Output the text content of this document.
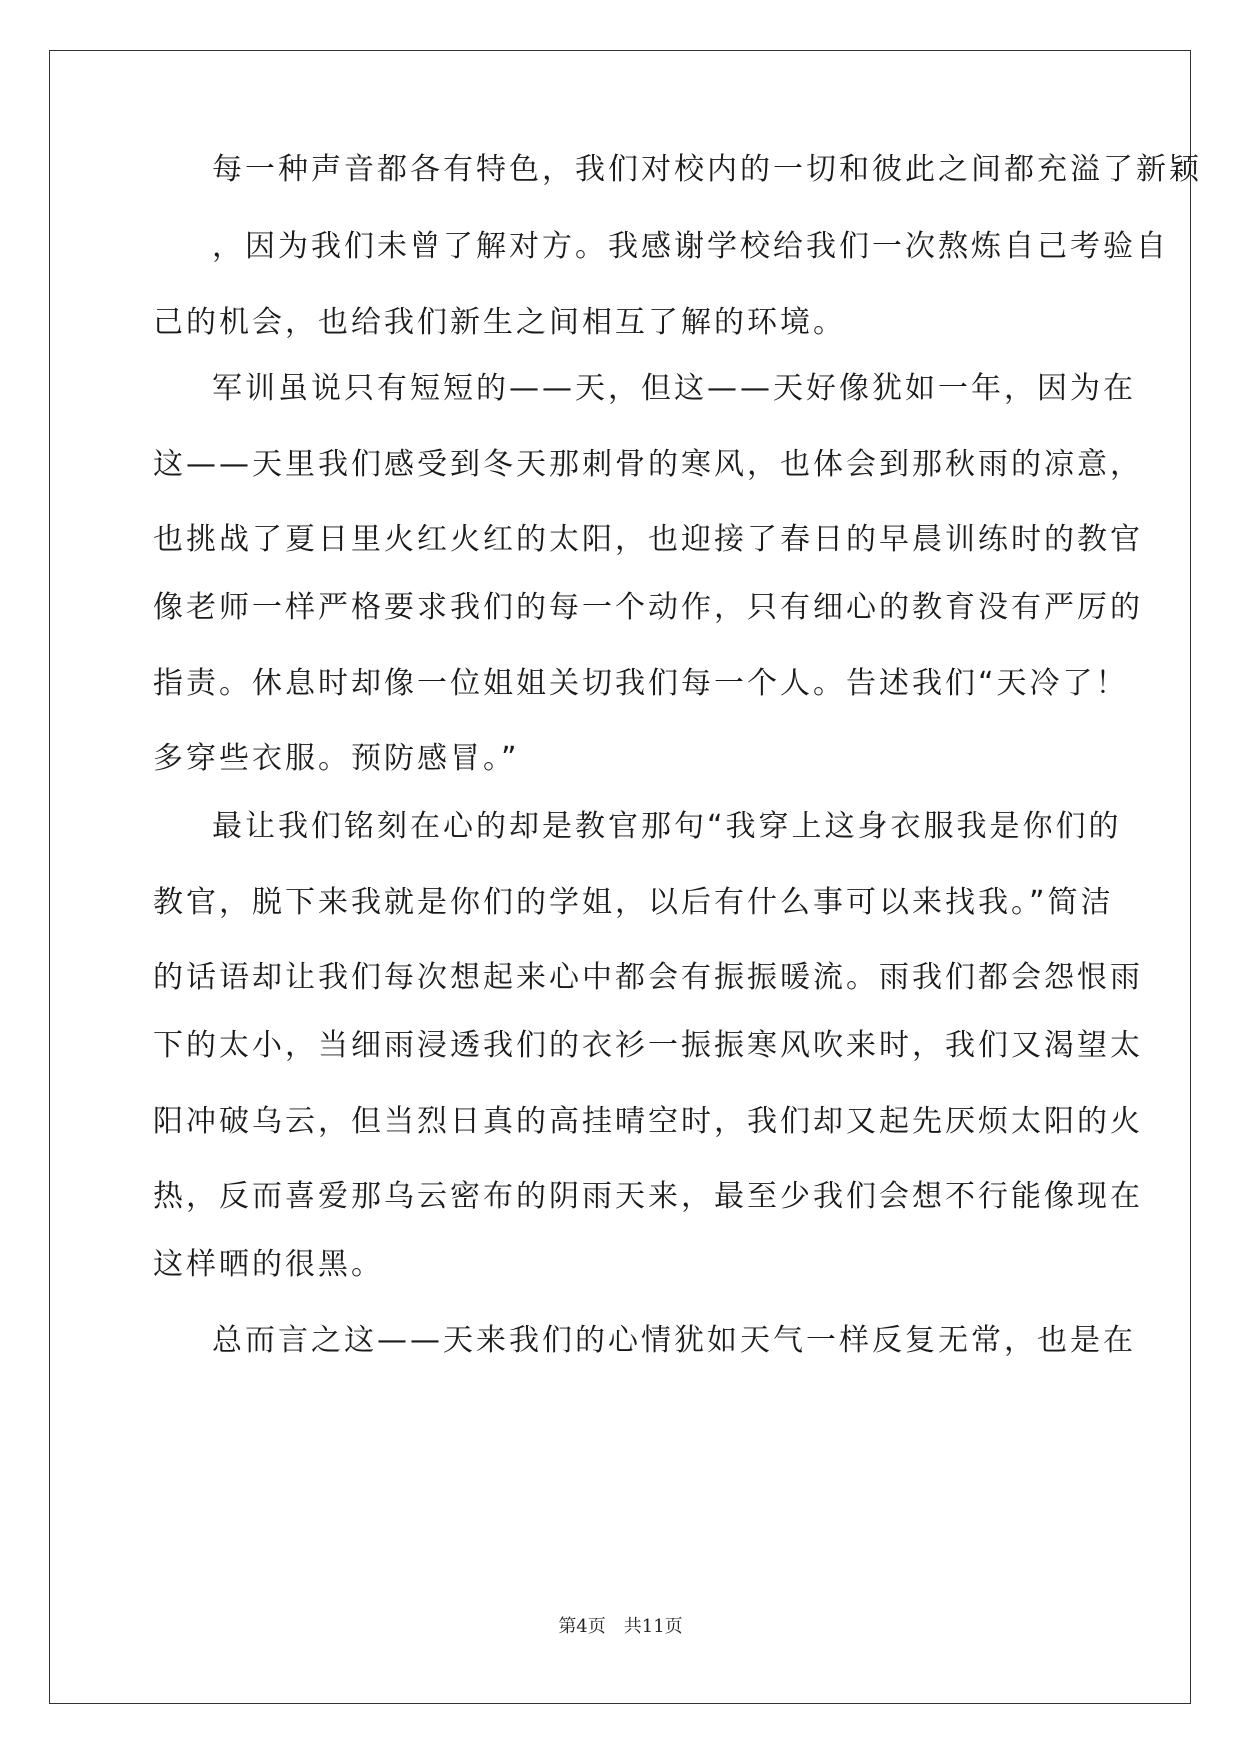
每一种声音都各有特色，我们对校内的一切和彼此之间都充溢了新颖
，因为我们未曾了解对方。我感谢学校给我们一次熬炼自己考验自
己的机会，也给我们新生之间相互了解的环境。
军训虽说只有短短的——天，但这——天好像犹如一年，因为在
这——天里我们感受到冬天那刺骨的寒风，也体会到那秋雨的凉意，
也挑战了夏日里火红火红的太阳，也迎接了春日的早晨训练时的教官
像老师一样严格要求我们的每一个动作，只有细心的教育没有严厉的
指责。休息时却像一位姐姐关切我们每一个人。告述我们“天冷了！
多穿些衣服。预防感冒。”
最让我们铭刻在心的却是教官那句“我穿上这身衣服我是你们的
教官，脱下来我就是你们的学姐，以后有什么事可以来找我。”简洁
的话语却让我们每次想起来心中都会有振振暖流。雨我们都会怨恨雨
下的太小，当细雨浸透我们的衣衫一振振寒风吹来时，我们又渴望太
阳冲破乌云，但当烈日真的高挂晴空时，我们却又起先厌烦太阳的火
热，反而喜爱那乌云密布的阴雨天来，最至少我们会想不行能像现在
这样晒的很黑。
总而言之这——天来我们的心情犹如天气一样反复无常，也是在
第4页　共11页
